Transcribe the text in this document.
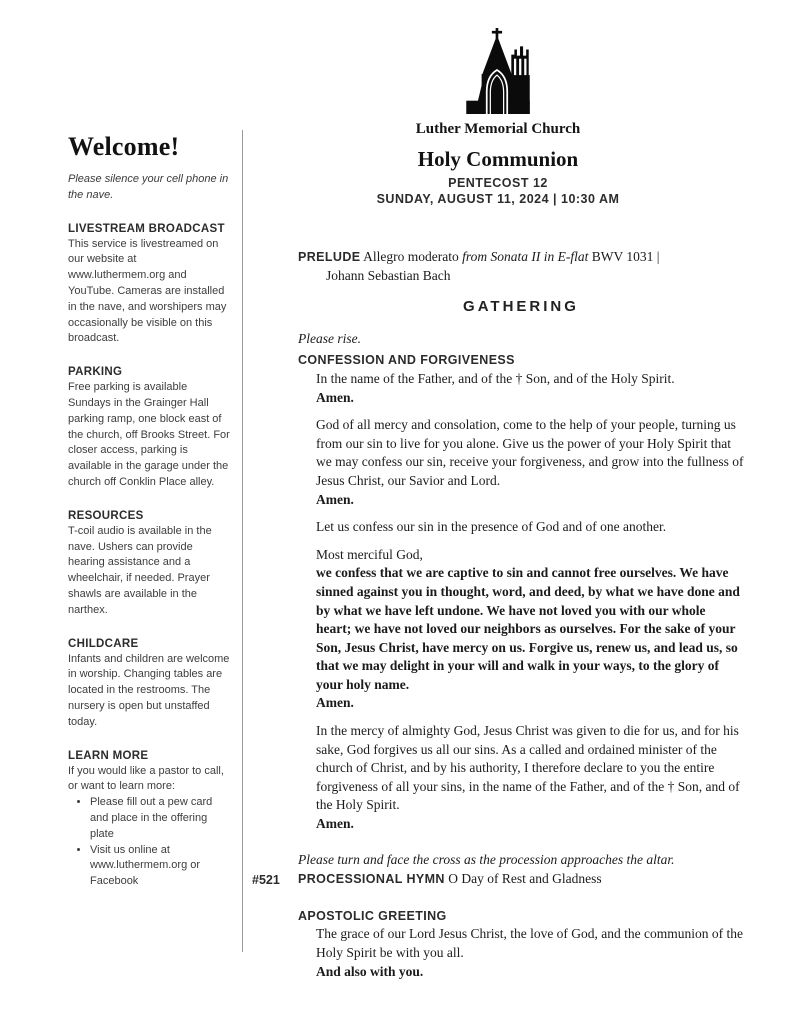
Welcome!
Please silence your cell phone in the nave.
LIVESTREAM BROADCAST
This service is livestreamed on our website at www.luthermem.org and YouTube. Cameras are installed in the nave, and worshipers may occasionally be visible on this broadcast.
PARKING
Free parking is available Sundays in the Grainger Hall parking ramp, one block east of the church, off Brooks Street. For closer access, parking is available in the garage under the church off Conklin Place alley.
RESOURCES
T-coil audio is available in the nave. Ushers can provide hearing assistance and a wheelchair, if needed. Prayer shawls are available in the narthex.
CHILDCARE
Infants and children are welcome in worship. Changing tables are located in the restrooms. The nursery is open but unstaffed today.
LEARN MORE
If you would like a pastor to call, or want to learn more:
• Please fill out a pew card and place in the offering plate
• Visit us online at www.luthermem.org or Facebook
Luther Memorial Church
Holy Communion
PENTECOST 12
SUNDAY, AUGUST 11, 2024 | 10:30 AM
PRELUDE Allegro moderato from Sonata II in E-flat BWV 1031 |
Johann Sebastian Bach
GATHERING
Please rise.
CONFESSION AND FORGIVENESS
In the name of the Father, and of the † Son, and of the Holy Spirit.
Amen.
God of all mercy and consolation, come to the help of your people, turning us from our sin to live for you alone. Give us the power of your Holy Spirit that we may confess our sin, receive your forgiveness, and grow into the fullness of Jesus Christ, our Savior and Lord.
Amen.
Let us confess our sin in the presence of God and of one another.
Most merciful God,
we confess that we are captive to sin and cannot free ourselves. We have sinned against you in thought, word, and deed, by what we have done and by what we have left undone. We have not loved you with our whole heart; we have not loved our neighbors as ourselves. For the sake of your Son, Jesus Christ, have mercy on us. Forgive us, renew us, and lead us, so that we may delight in your will and walk in your ways, to the glory of your holy name.
Amen.
In the mercy of almighty God, Jesus Christ was given to die for us, and for his sake, God forgives us all our sins. As a called and ordained minister of the church of Christ, and by his authority, I therefore declare to you the entire forgiveness of all your sins, in the name of the Father, and of the † Son, and of the Holy Spirit.
Amen.
Please turn and face the cross as the procession approaches the altar.
#521	PROCESSIONAL HYMN O Day of Rest and Gladness
APOSTOLIC GREETING
The grace of our Lord Jesus Christ, the love of God, and the communion of the Holy Spirit be with you all.
And also with you.
